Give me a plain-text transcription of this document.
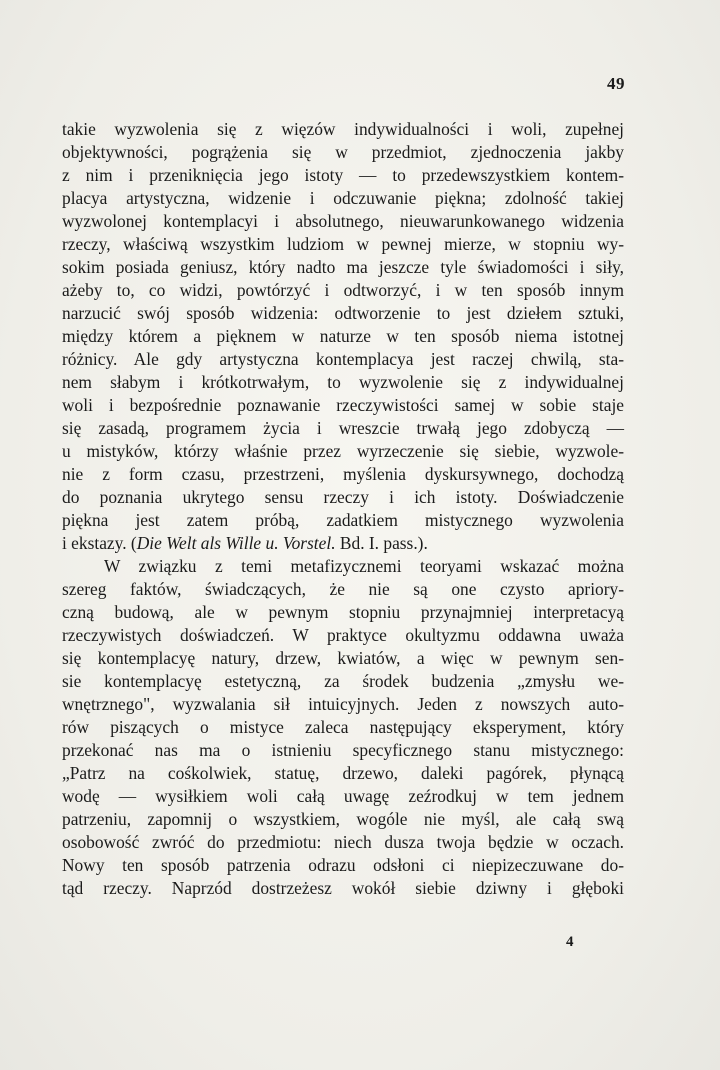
49
takie wyzwolenia się z więzów indywidualności i woli, zupełnej
objektywności, pogrążenia się w przedmiot, zjednoczenia jakby
z nim i przeniknięcia jego istoty — to przedewszystkiem kontem-
placya artystyczna, widzenie i odczuwanie piękna; zdolność takiej
wyzwolonej kontemplacyi i absolutnego, nieuwarunkowanego widzenia
rzeczy, właściwą wszystkim ludziom w pewnej mierze, w stopniu wy-
sokim posiada geniusz, który nadto ma jeszcze tyle świadomości i siły,
ażeby to, co widzi, powtórzyć i odtworzyć, i w ten sposób innym
narzucić swój sposób widzenia: odtworzenie to jest dziełem sztuki,
między którem a pięknem w naturze w ten sposób niema istotnej
różnicy. Ale gdy artystyczna kontemplacya jest raczej chwilą, sta-
nem słabym i krótkotrwałym, to wyzwolenie się z indywidualnej
woli i bezpośrednie poznawanie rzeczywistości samej w sobie staje
się zasadą, programem życia i wreszcie trwałą jego zdobyczą —
u mistyków, którzy właśnie przez wyrzeczenie się siebie, wyzwole-
nie z form czasu, przestrzeni, myślenia dyskursywnego, dochodzą
do poznania ukrytego sensu rzeczy i ich istoty. Doświadczenie
piękna jest zatem próbą, zadatkiem mistycznego wyzwolenia
i ekstazy. (Die Welt als Wille u. Vorstel. Bd. I. pass.).
W związku z temi metafizycznemi teoryami wskazać można
szereg faktów, świadczących, że nie są one czysto apriory-
czną budową, ale w pewnym stopniu przynajmniej interpretacyą
rzeczywistych doświadczeń. W praktyce okultyzmu oddawna uważa
się kontemplacyę natury, drzew, kwiatów, a więc w pewnym sen-
sie kontemplacyę estetyczną, za środek budzenia „zmysłu we-
wnętrznego", wyzwalania sił intuicyjnych. Jeden z nowszych auto-
rów piszących o mistyce zaleca następujący eksperyment, który
przekonać nas ma o istnieniu specyficznego stanu mistycznego:
„Patrz na cośkolwiek, statuę, drzewo, daleki pagórek, płynącą
wodę — wysiłkiem woli całą uwagę zeźrodkuj w tem jednem
patrzeniu, zapomnij o wszystkiem, wogóle nie myśl, ale całą swą
osobowość zwróć do przedmiotu: niech dusza twoja będzie w oczach.
Nowy ten sposób patrzenia odrazu odsłoni ci niepizeczuwane do-
tąd rzeczy. Naprzód dostrzeżesz wokół siebie dziwny i głęboki
4
